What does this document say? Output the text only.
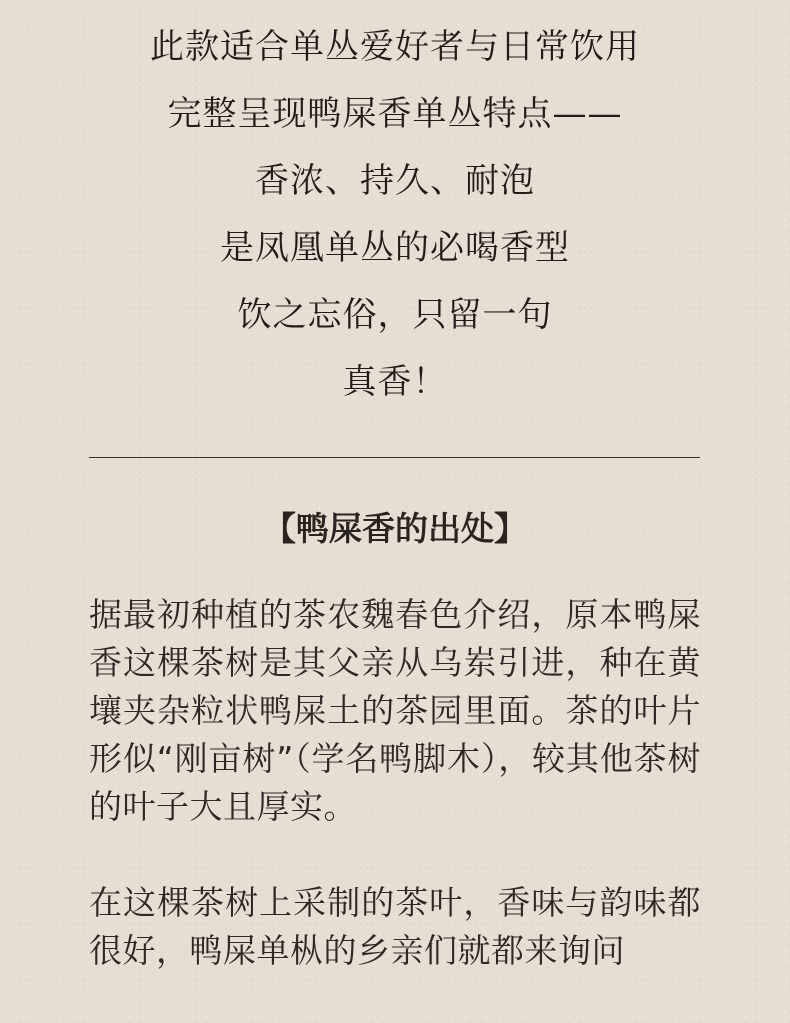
此款适合单丛爱好者与日常饮用
完整呈现鸭屎香单丛特点——
香浓、持久、耐泡
是凤凰单丛的必喝香型
饮之忘俗，只留一句
真香！
【鸭屎香的出处】

据最初种植的茶农魏春色介绍，原本鸭屎香这棵茶树是其父亲从乌岽引进，种在黄壤夹杂粒状鸭屎土的茶园里面。茶的叶片形似“刚亩树”（学名鸭脚木），较其他茶树的叶子大且厚实。

在这棵茶树上采制的茶叶，香味与韵味都很好，鸭屎单枞的乡亲们就都来询问
